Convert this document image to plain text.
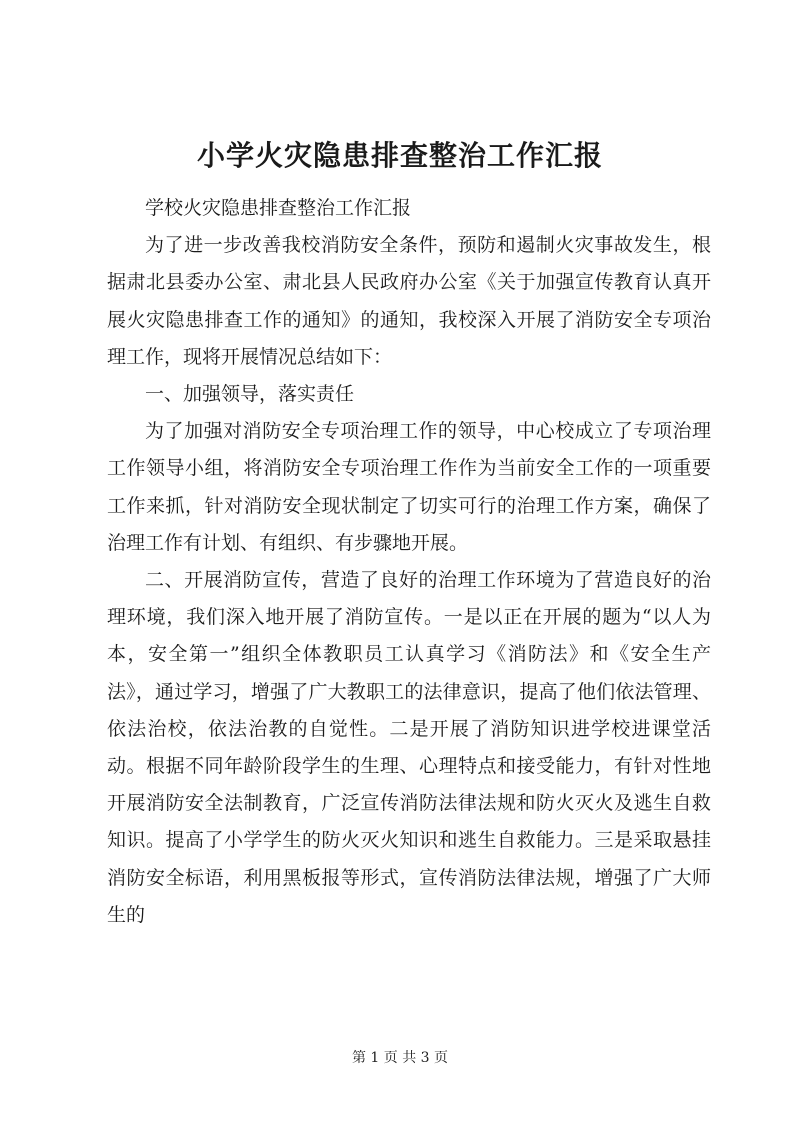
小学火灾隐患排查整治工作汇报

学校火灾隐患排查整治工作汇报

为了进一步改善我校消防安全条件，预防和遏制火灾事故发生，根据肃北县委办公室、肃北县人民政府办公室《关于加强宣传教育认真开展火灾隐患排查工作的通知》的通知，我校深入开展了消防安全专项治理工作，现将开展情况总结如下：

一、加强领导，落实责任

为了加强对消防安全专项治理工作的领导，中心校成立了专项治理工作领导小组，将消防安全专项治理工作作为当前安全工作的一项重要工作来抓，针对消防安全现状制定了切实可行的治理工作方案，确保了治理工作有计划、有组织、有步骤地开展。

二、开展消防宣传，营造了良好的治理工作环境为了营造良好的治理环境，我们深入地开展了消防宣传。一是以正在开展的题为“以人为本，安全第一”组织全体教职员工认真学习《消防法》和《安全生产法》，通过学习，增强了广大教职工的法律意识，提高了他们依法管理、依法治校，依法治教的自觉性。二是开展了消防知识进学校进课堂活动。根据不同年龄阶段学生的生理、心理特点和接受能力，有针对性地开展消防安全法制教育，广泛宣传消防法律法规和防火灭火及逃生自救知识。提高了小学学生的防火灭火知识和逃生自救能力。三是采取悬挂消防安全标语，利用黑板报等形式，宣传消防法律法规，增强了广大师生的

第 1 页 共 3 页
